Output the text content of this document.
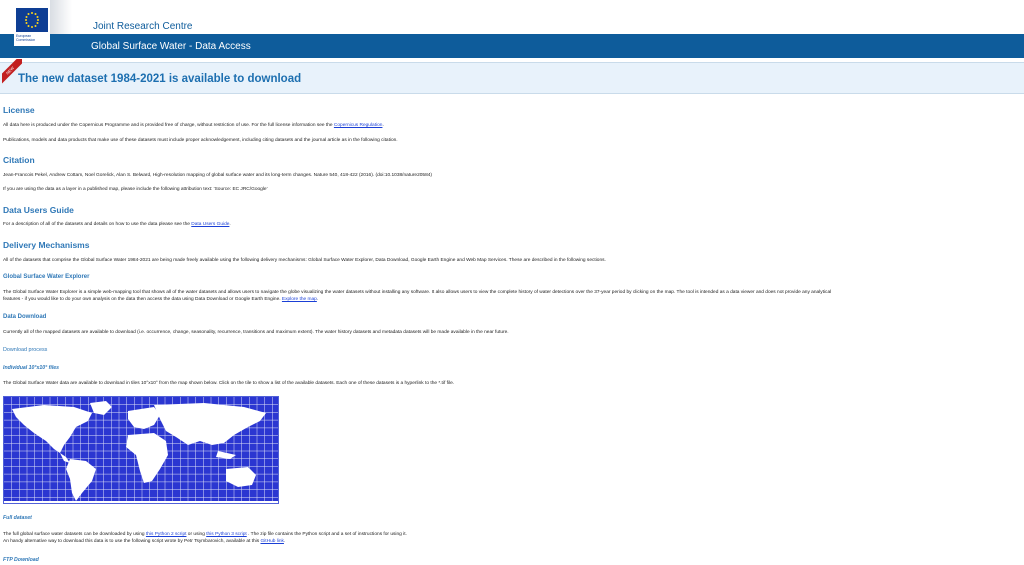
European
Commission
Joint Research Centre
Global Surface Water - Data Access
NEW
The new dataset 1984-2021 is available to download
License
All data here is produced under the Copernicus Programme and is provided free of charge, without restriction of use. For the full license information see the Copernicus Regulation.
Publications, models and data products that make use of these datasets must include proper acknowledgement, including citing datasets and the journal article as in the following citation.
Citation
Jean-Francois Pekel, Andrew Cottam, Noel Gorelick, Alan S. Belward, High-resolution mapping of global surface water and its long-term changes. Nature 540, 418-422 (2016). (doi:10.1038/nature20584)
If you are using the data as a layer in a published map, please include the following attribution text: 'Source: EC JRC/Google'
Data Users Guide
For a description of all of the datasets and details on how to use the data please see the Data Users Guide.
Delivery Mechanisms
All of the datasets that comprise the Global Surface Water 1984-2021 are being made freely available using the following delivery mechanisms: Global Surface Water Explorer, Data Download, Google Earth Engine and Web Map Services. These are described in the following sections.
Global Surface Water Explorer
The Global Surface Water Explorer is a simple web-mapping tool that shows all of the water datasets and allows users to navigate the globe visualizing the water datasets without installing any software. It also allows users to view the complete history of water detections over the 37-year period by clicking on the map. The tool is intended as a data viewer and does not provide any analytical
features - if you would like to do your own analysis on the data then access the data using Data Download or Google Earth Engine. Explore the map.
Data Download
Currently all of the mapped datasets are available to download (i.e. occurrence, change, seasonality, recurrence, transitions and maximum extent). The water history datasets and metadata datasets will be made available in the near future.
Download process
Individual 10°x10° files
The Global Surface Water data are available to download in tiles 10°x10° from the map shown below. Click on the tile to show a list of the available datasets. Each one of these datasets is a hyperlink to the *.tif file.
Full dataset
The full global surface water datasets can be downloaded by using this Python 2 script or using this Python 3 script . The zip file contains the Python script and a set of instructions for using it.
An handy alternative way to download this data is to use the following script wrote by Petr Tsymbarovich, available at this GitHub link.
FTP Download
